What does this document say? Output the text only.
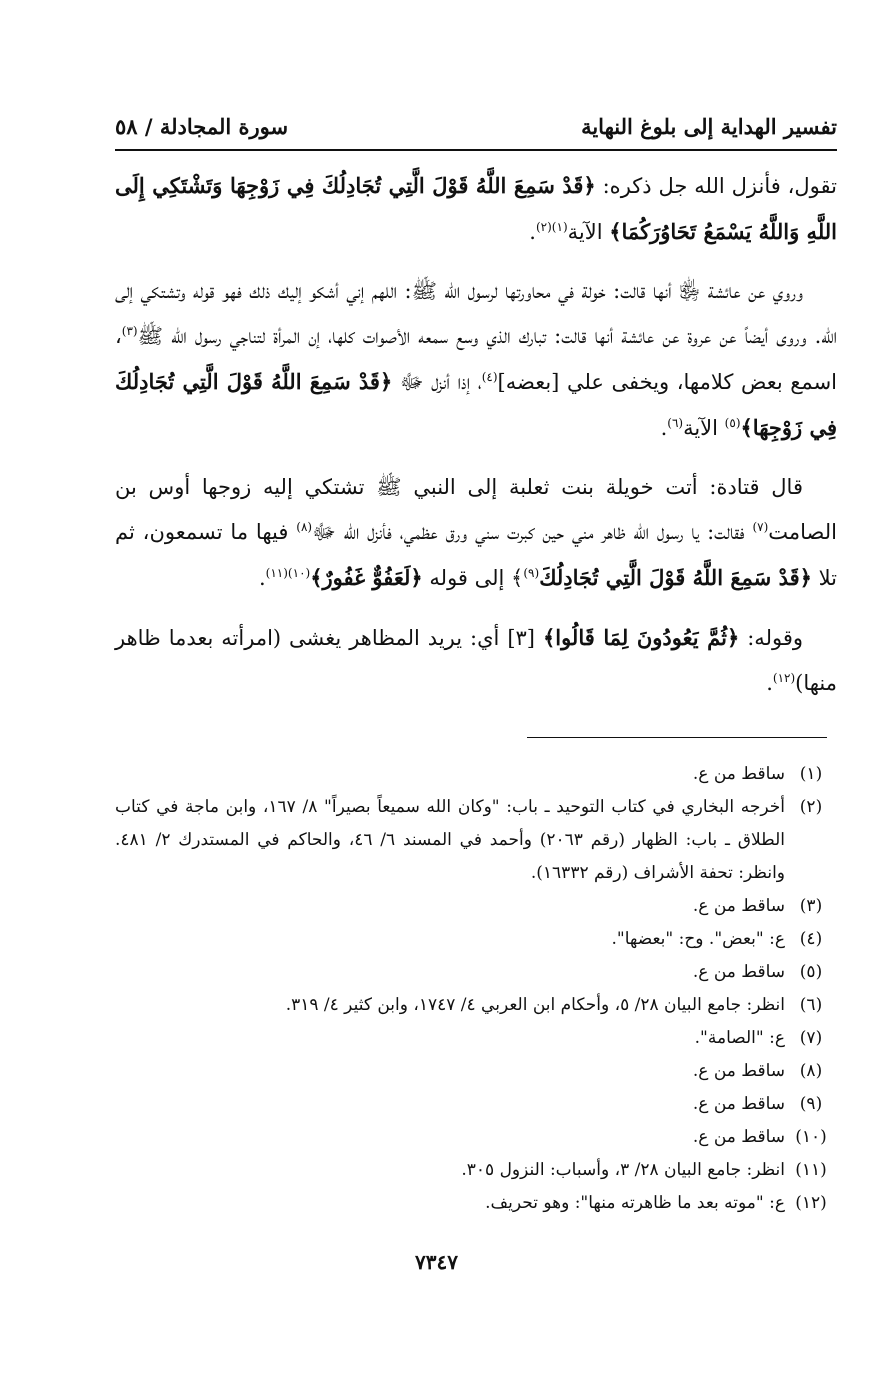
تفسير الهداية إلى بلوغ النهاية
سورة المجادلة / ٥٨

تقول، فأنزل الله جل ذكره: ﴿قَدْ سَمِعَ اللَّهُ قَوْلَ الَّتِي تُجَادِلُكَ فِي زَوْجِهَا وَتَشْتَكِي إِلَى اللَّهِ وَاللَّهُ يَسْمَعُ تَحَاوُرَكُمَا﴾ الآية$^{(١)(٢)}$.

وروي عن عائشة ﵂ أنها قالت: خولة في محاورتها لرسول الله ﷺ: اللهم إني أشكو إليك ذلك فهو قوله وتشتكي إلى الله. وروى أيضاً عن عروة عن عائشة أنها قالت: تبارك الذي وسع سمعه الأصوات كلها، إن المرأة لتناجي رسول الله ﷺ$^{(٣)}$، اسمع بعض كلامها، ويخفى علي [بعضه]$^{(٤)}$، إذا أنزل ﷻ ﴿قَدْ سَمِعَ اللَّهُ قَوْلَ الَّتِي تُجَادِلُكَ فِي زَوْجِهَا﴾$^{(٥)}$ الآية$^{(٦)}$.

قال قتادة: أتت خويلة بنت ثعلبة إلى النبي ﷺ تشتكي إليه زوجها أوس بن الصامت$^{(٧)}$ فقالت: يا رسول الله ظاهر مني حين كبرت سني ورق عظمي، فأنزل الله ﷻ$^{(٨)}$ فيها ما تسمعون، ثم تلا ﴿قَدْ سَمِعَ اللَّهُ قَوْلَ الَّتِي تُجَادِلُكَ$^{(٩)}$﴾ إلى قوله ﴿لَعَفُوٌّ غَفُورٌ﴾$^{(١٠)(١١)}$.

وقوله: ﴿ثُمَّ يَعُودُونَ لِمَا قَالُوا﴾ [٣] أي: يريد المظاهر يغشى (امرأته بعدما ظاهر منها)$^{(١٢)}$.

(١)
ساقط من ع.
(٢)
أخرجه البخاري في كتاب التوحيد ـ باب: "وكان الله سميعاً بصيراً" ٨/ ١٦٧، وابن ماجة في كتاب الطلاق ـ باب: الظهار (رقم ٢٠٦٣) وأحمد في المسند ٦/ ٤٦، والحاكم في المستدرك ٢/ ٤٨١. وانظر: تحفة الأشراف (رقم ١٦٣٣٢).
(٣)
ساقط من ع.
(٤)
ع: "بعض". وح: "بعضها".
(٥)
ساقط من ع.
(٦)
انظر: جامع البيان ٢٨/ ٥، وأحكام ابن العربي ٤/ ١٧٤٧، وابن كثير ٤/ ٣١٩.
(٧)
ع: "الصامة".
(٨)
ساقط من ع.
(٩)
ساقط من ع.
(١٠)
ساقط من ع.
(١١)
انظر: جامع البيان ٢٨/ ٣، وأسباب: النزول ٣٠٥.
(١٢)
ع: "موته بعد ما ظاهرته منها": وهو تحريف.
٧٣٤٧
